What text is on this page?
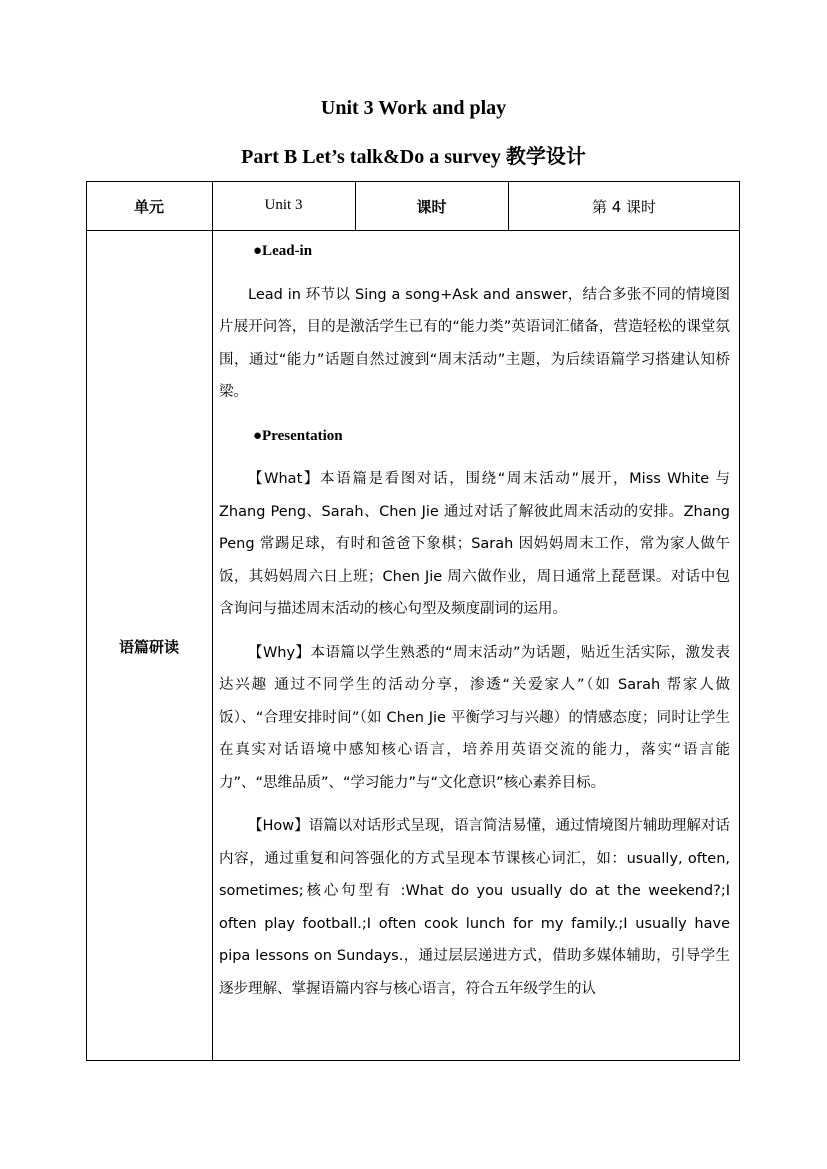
Unit 3 Work and play
Part B Let’s talk&Do a survey 教学设计
单元	Unit 3	课时	第 4 课时
语篇研读
●Lead-in

Lead in 环节以 Sing a song+Ask and answer，结合多张不同的情境图片展开问答，目的是激活学生已有的“能力类”英语词汇储备，营造轻松的课堂氛围，通过“能力”话题自然过渡到“周末活动”主题，为后续语篇学习搭建认知桥梁。

●Presentation

【What】本语篇是看图对话，围绕“周末活动”展开，Miss White 与 Zhang Peng、Sarah、Chen Jie 通过对话了解彼此周末活动的安排。Zhang Peng 常踢足球，有时和爸爸下象棋；Sarah 因妈妈周末工作，常为家人做午饭，其妈妈周六日上班；Chen Jie 周六做作业，周日通常上琵琶课。对话中包含询问与描述周末活动的核心句型及频度副词的运用。

【Why】本语篇以学生熟悉的“周末活动”为话题，贴近生活实际，激发表达兴趣 通过不同学生的活动分享，渗透“关爱家人”（如 Sarah 帮家人做饭）、“合理安排时间”（如 Chen Jie 平衡学习与兴趣）的情感态度；同时让学生在真实对话语境中感知核心语言，培养用英语交流的能力，落实“语言能力”、“思维品质”、“学习能力”与“文化意识”核心素养目标。

【How】语篇以对话形式呈现，语言简洁易懂，通过情境图片辅助理解对话内容，通过重复和问答强化的方式呈现本节课核心词汇，如：usually, often, sometimes;核心句型有 :What do you usually do at the weekend?;I often play football.;I often cook lunch for my family.;I usually have pipa lessons on Sundays.，通过层层递进方式，借助多媒体辅助，引导学生逐步理解、掌握语篇内容与核心语言，符合五年级学生的认
